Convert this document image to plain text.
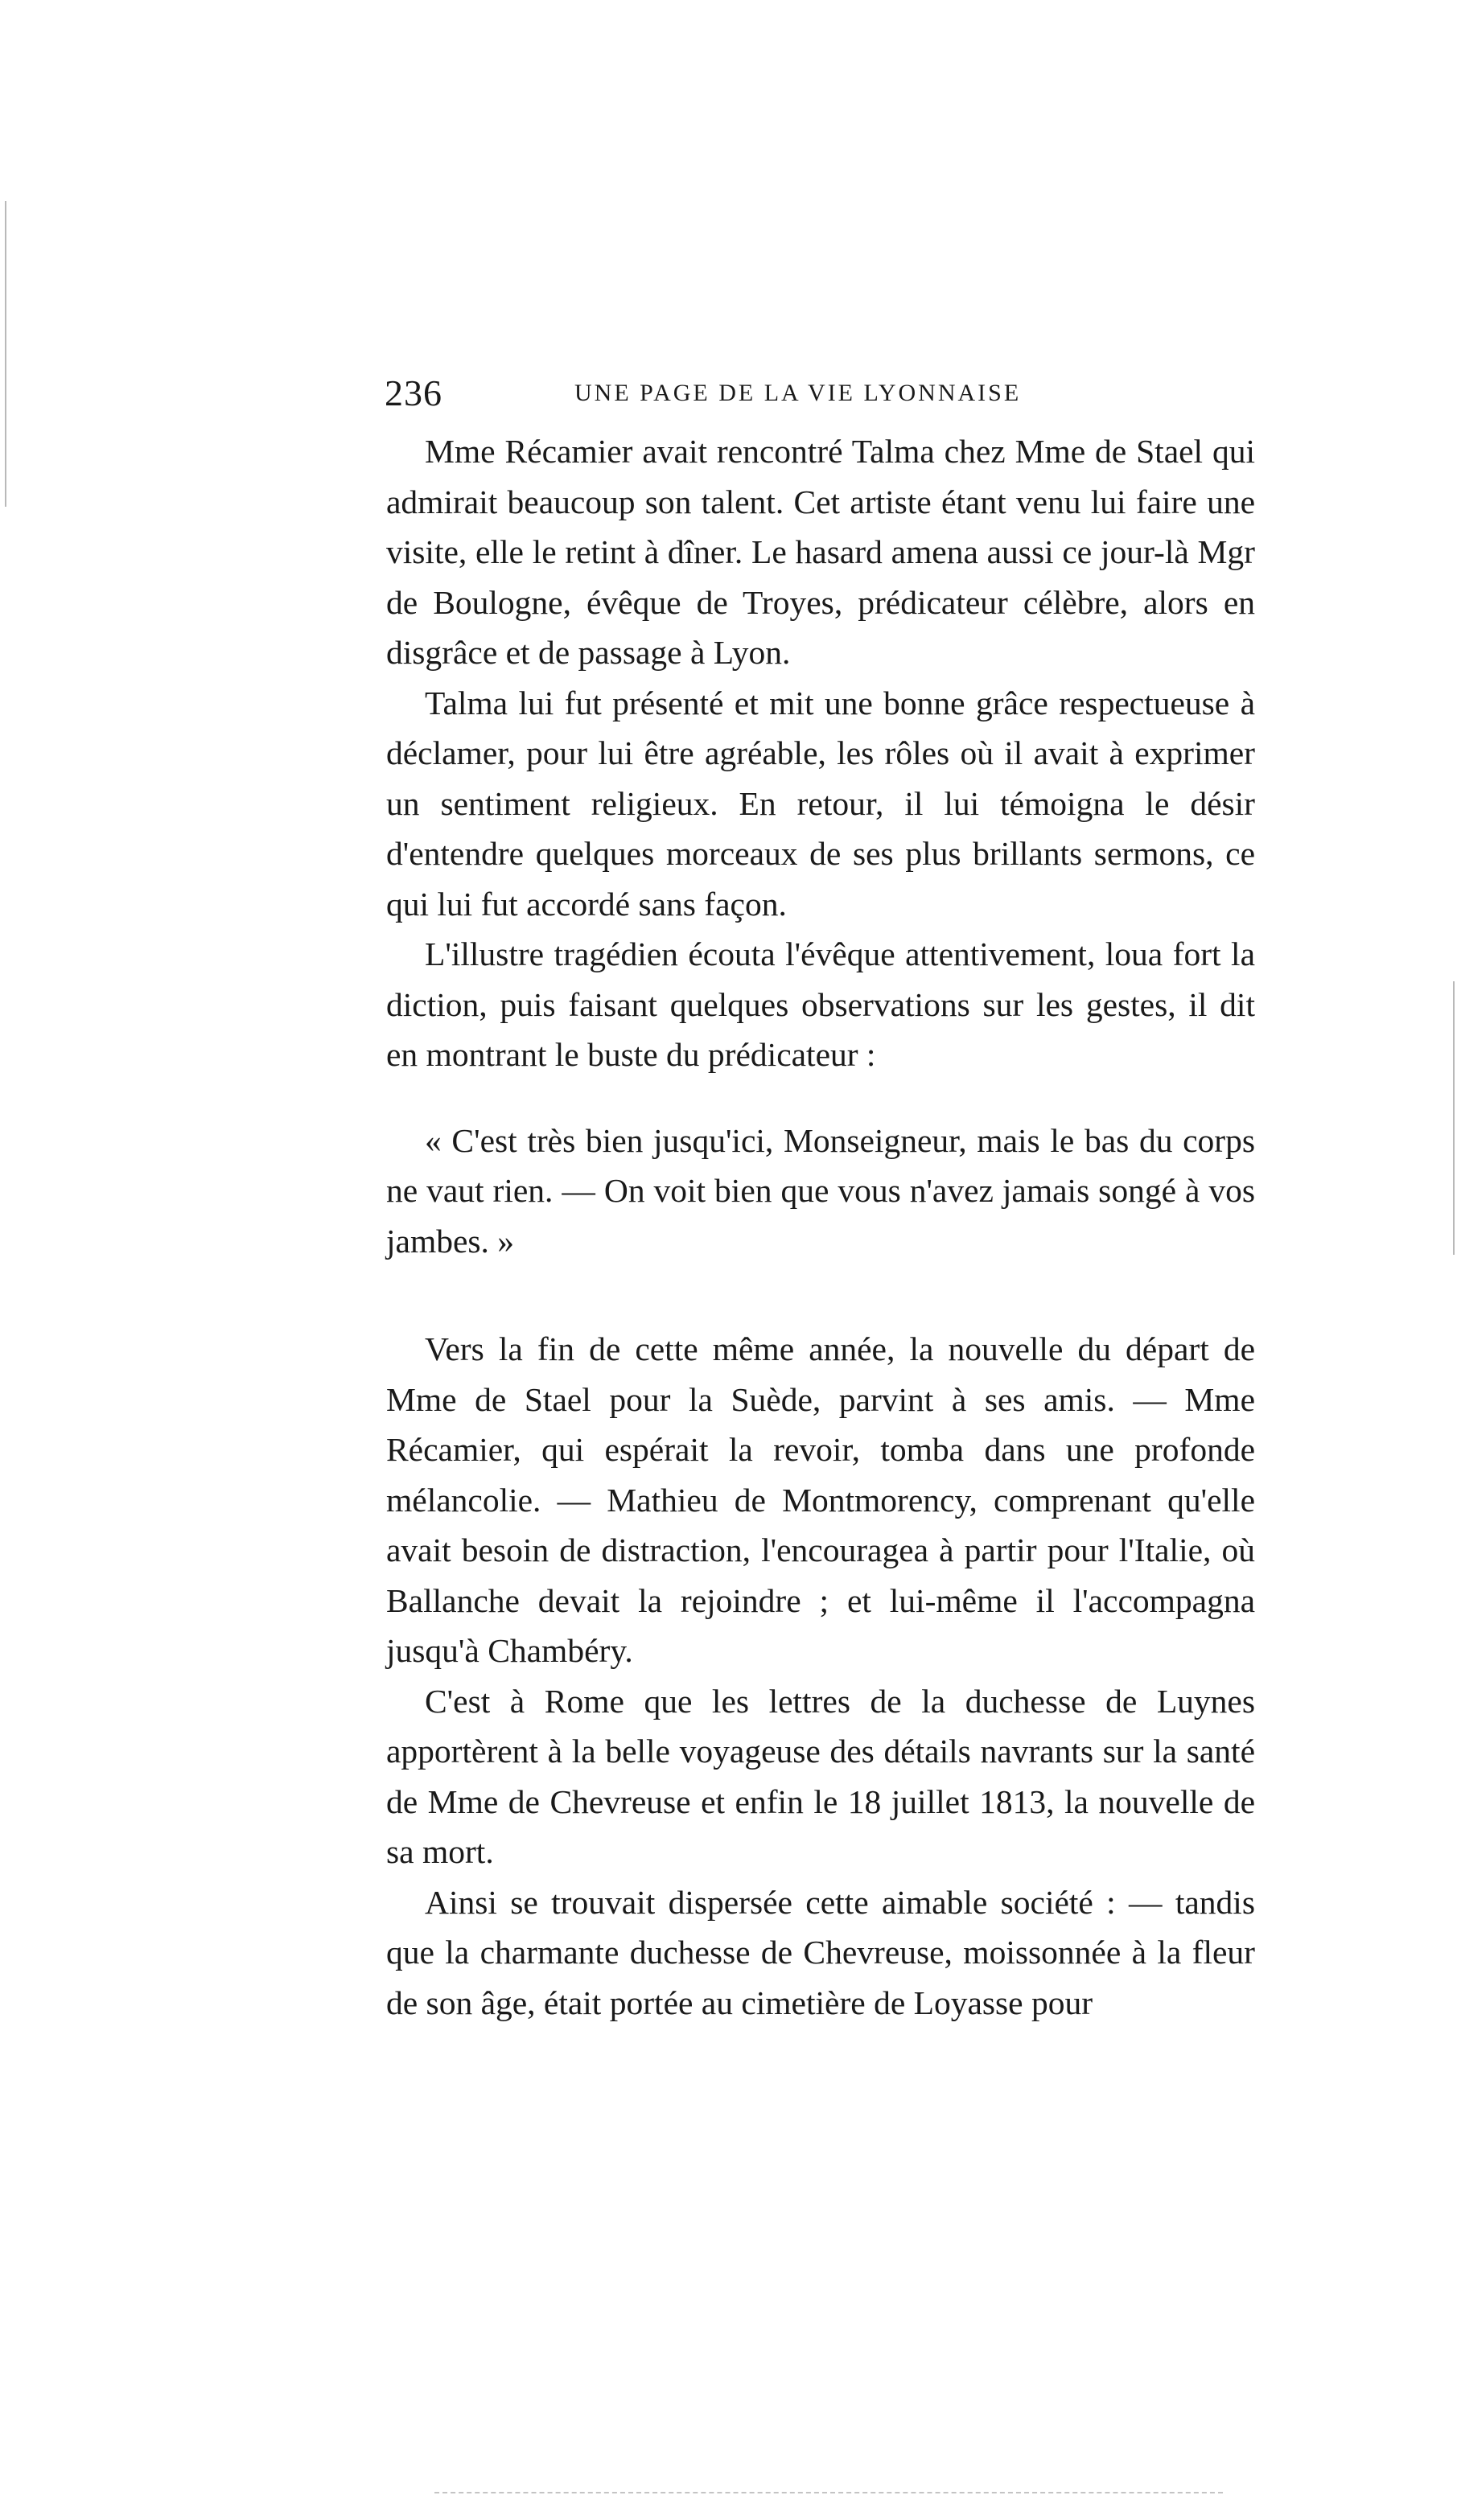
236	UNE PAGE DE LA VIE LYONNAISE

Mme Récamier avait rencontré Talma chez Mme de Stael qui admirait beaucoup son talent. Cet artiste étant venu lui faire une visite, elle le retint à dîner. Le hasard amena aussi ce jour-là Mgr de Boulogne, évêque de Troyes, prédicateur célèbre, alors en disgrâce et de passage à Lyon.

Talma lui fut présenté et mit une bonne grâce respectueuse à déclamer, pour lui être agréable, les rôles où il avait à exprimer un sentiment religieux. En retour, il lui témoigna le désir d'entendre quelques morceaux de ses plus brillants sermons, ce qui lui fut accordé sans façon.

L'illustre tragédien écouta l'évêque attentivement, loua fort la diction, puis faisant quelques observations sur les gestes, il dit en montrant le buste du prédicateur :

« C'est très bien jusqu'ici, Monseigneur, mais le bas du corps ne vaut rien. — On voit bien que vous n'avez jamais songé à vos jambes. »

Vers la fin de cette même année, la nouvelle du départ de Mme de Stael pour la Suède, parvint à ses amis. — Mme Récamier, qui espérait la revoir, tomba dans une profonde mélancolie. — Mathieu de Montmorency, comprenant qu'elle avait besoin de distraction, l'encouragea à partir pour l'Italie, où Ballanche devait la rejoindre ; et lui-même il l'accompagna jusqu'à Chambéry.

C'est à Rome que les lettres de la duchesse de Luynes apportèrent à la belle voyageuse des détails navrants sur la santé de Mme de Chevreuse et enfin le 18 juillet 1813, la nouvelle de sa mort.

Ainsi se trouvait dispersée cette aimable société : — tandis que la charmante duchesse de Chevreuse, moissonnée à la fleur de son âge, était portée au cimetière de Loyasse pour
